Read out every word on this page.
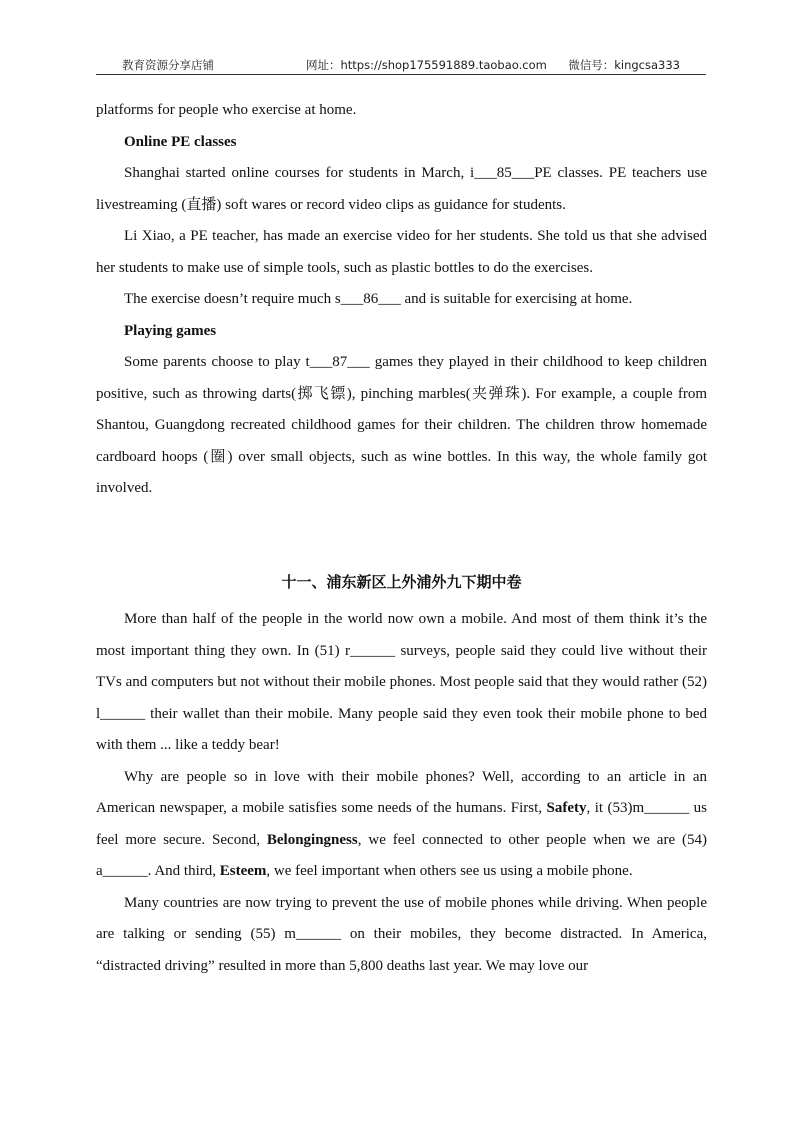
教育资源分享店铺	网址：https://shop175591889.taobao.com 微信号：kingcsa333

platforms for people who exercise at home.

Online PE classes

Shanghai started online courses for students in March, i___85___PE classes. PE teachers use livestreaming (直播) soft wares or record video clips as guidance for students.

Li Xiao, a PE teacher, has made an exercise video for her students. She told us that she advised her students to make use of simple tools, such as plastic bottles to do the exercises.

The exercise doesn’t require much s___86___ and is suitable for exercising at home.

Playing games

Some parents choose to play t___87___ games they played in their childhood to keep children positive, such as throwing darts(掷飞镖), pinching marbles(夹弹珠). For example, a couple from Shantou, Guangdong recreated childhood games for their children. The children throw homemade cardboard hoops (圈) over small objects, such as wine bottles. In this way, the whole family got involved.

十一、浦东新区上外浦外九下期中卷

More than half of the people in the world now own a mobile. And most of them think it’s the most important thing they own. In (51) r______ surveys, people said they could live without their TVs and computers but not without their mobile phones. Most people said that they would rather (52) l______ their wallet than their mobile. Many people said they even took their mobile phone to bed with them ... like a teddy bear!

Why are people so in love with their mobile phones? Well, according to an article in an American newspaper, a mobile satisfies some needs of the humans. First, Safety, it (53)m______ us feel more secure. Second, Belongingness, we feel connected to other people when we are (54) a______. And third, Esteem, we feel important when others see us using a mobile phone.

Many countries are now trying to prevent the use of mobile phones while driving. When people are talking or sending (55) m______ on their mobiles, they become distracted. In America, “distracted driving” resulted in more than 5,800 deaths last year. We may love our
